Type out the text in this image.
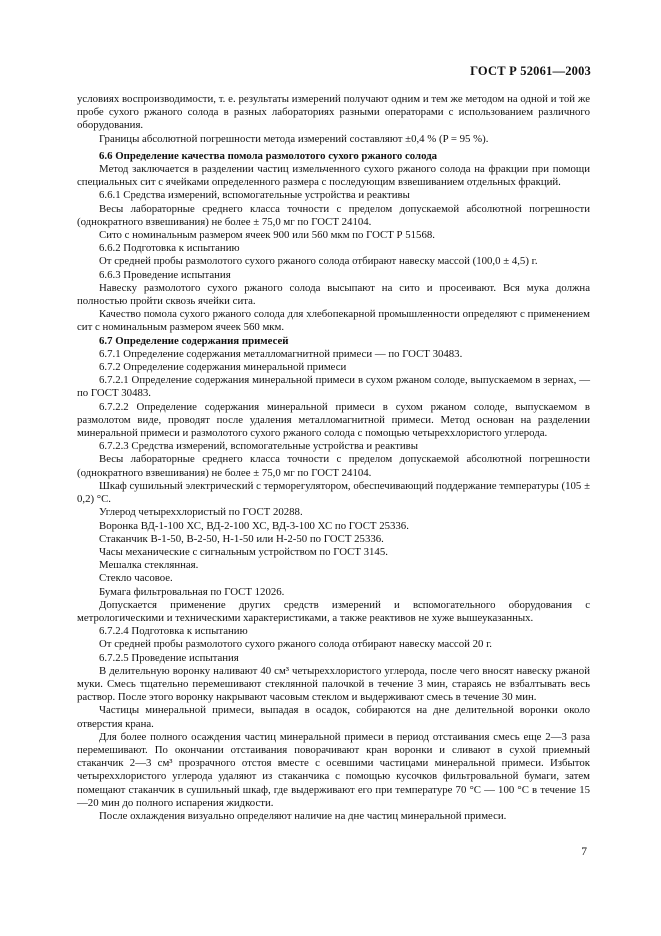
ГОСТ Р 52061—2003

условиях воспроизводимости, т. е. результаты измерений получают одним и тем же методом на одной и той же пробе сухого ржаного солода в разных лабораториях разными операторами с использованием различного оборудования.

Границы абсолютной погрешности метода измерений составляют ±0,4 % (P = 95 %).

6.6 Определение качества помола размолотого сухого ржаного солода

Метод заключается в разделении частиц измельченного сухого ржаного солода на фракции при помощи специальных сит с ячейками определенного размера с последующим взвешиванием отдельных фракций.

6.6.1 Средства измерений, вспомогательные устройства и реактивы

Весы лабораторные среднего класса точности с пределом допускаемой абсолютной погрешности (однократного взвешивания) не более ± 75,0 мг по ГОСТ 24104.

Сито с номинальным размером ячеек 900 или 560 мкм по ГОСТ Р 51568.

6.6.2 Подготовка к испытанию

От средней пробы размолотого сухого ржаного солода отбирают навеску массой (100,0 ± 4,5) г.

6.6.3 Проведение испытания

Навеску размолотого сухого ржаного солода высыпают на сито и просеивают. Вся мука должна полностью пройти сквозь ячейки сита.

Качество помола сухого ржаного солода для хлебопекарной промышленности определяют с применением сит с номинальным размером ячеек 560 мкм.

6.7 Определение содержания примесей

6.7.1 Определение содержания металломагнитной примеси — по ГОСТ 30483.

6.7.2 Определение содержания минеральной примеси

6.7.2.1 Определение содержания минеральной примеси в сухом ржаном солоде, выпускаемом в зернах, — по ГОСТ 30483.

6.7.2.2 Определение содержания минеральной примеси в сухом ржаном солоде, выпускаемом в размолотом виде, проводят после удаления металломагнитной примеси. Метод основан на разделении минеральной примеси и размолотого сухого ржаного солода с помощью четыреххлористого углерода.

6.7.2.3 Средства измерений, вспомогательные устройства и реактивы

Весы лабораторные среднего класса точности с пределом допускаемой абсолютной погрешности (однократного взвешивания) не более ± 75,0 мг по ГОСТ 24104.

Шкаф сушильный электрический с терморегулятором, обеспечивающий поддержание температуры (105 ± 0,2) °С.

Углерод четыреххлористый по ГОСТ 20288.

Воронка ВД-1-100 ХС, ВД-2-100 ХС, ВД-3-100 ХС по ГОСТ 25336.

Стаканчик В-1-50, В-2-50, Н-1-50 или Н-2-50 по ГОСТ 25336.

Часы механические с сигнальным устройством по ГОСТ 3145.

Мешалка стеклянная.

Стекло часовое.

Бумага фильтровальная по ГОСТ 12026.

Допускается применение других средств измерений и вспомогательного оборудования с метрологическими и техническими характеристиками, а также реактивов не хуже вышеуказанных.

6.7.2.4 Подготовка к испытанию

От средней пробы размолотого сухого ржаного солода отбирают навеску массой 20 г.

6.7.2.5 Проведение испытания

В делительную воронку наливают 40 см³ четыреххлористого углерода, после чего вносят навеску ржаной муки. Смесь тщательно перемешивают стеклянной палочкой в течение 3 мин, стараясь не взбалтывать весь раствор. После этого воронку накрывают часовым стеклом и выдерживают смесь в течение 30 мин.

Частицы минеральной примеси, выпадая в осадок, собираются на дне делительной воронки около отверстия крана.

Для более полного осаждения частиц минеральной примеси в период отстаивания смесь еще 2—3 раза перемешивают. По окончании отстаивания поворачивают кран воронки и сливают в сухой приемный стаканчик 2—3 см³ прозрачного отстоя вместе с осевшими частицами минеральной примеси. Избыток четыреххлористого углерода удаляют из стаканчика с помощью кусочков фильтровальной бумаги, затем помещают стаканчик в сушильный шкаф, где выдерживают его при температуре 70 °С — 100 °С в течение 15—20 мин до полного испарения жидкости.

После охлаждения визуально определяют наличие на дне частиц минеральной примеси.

7
